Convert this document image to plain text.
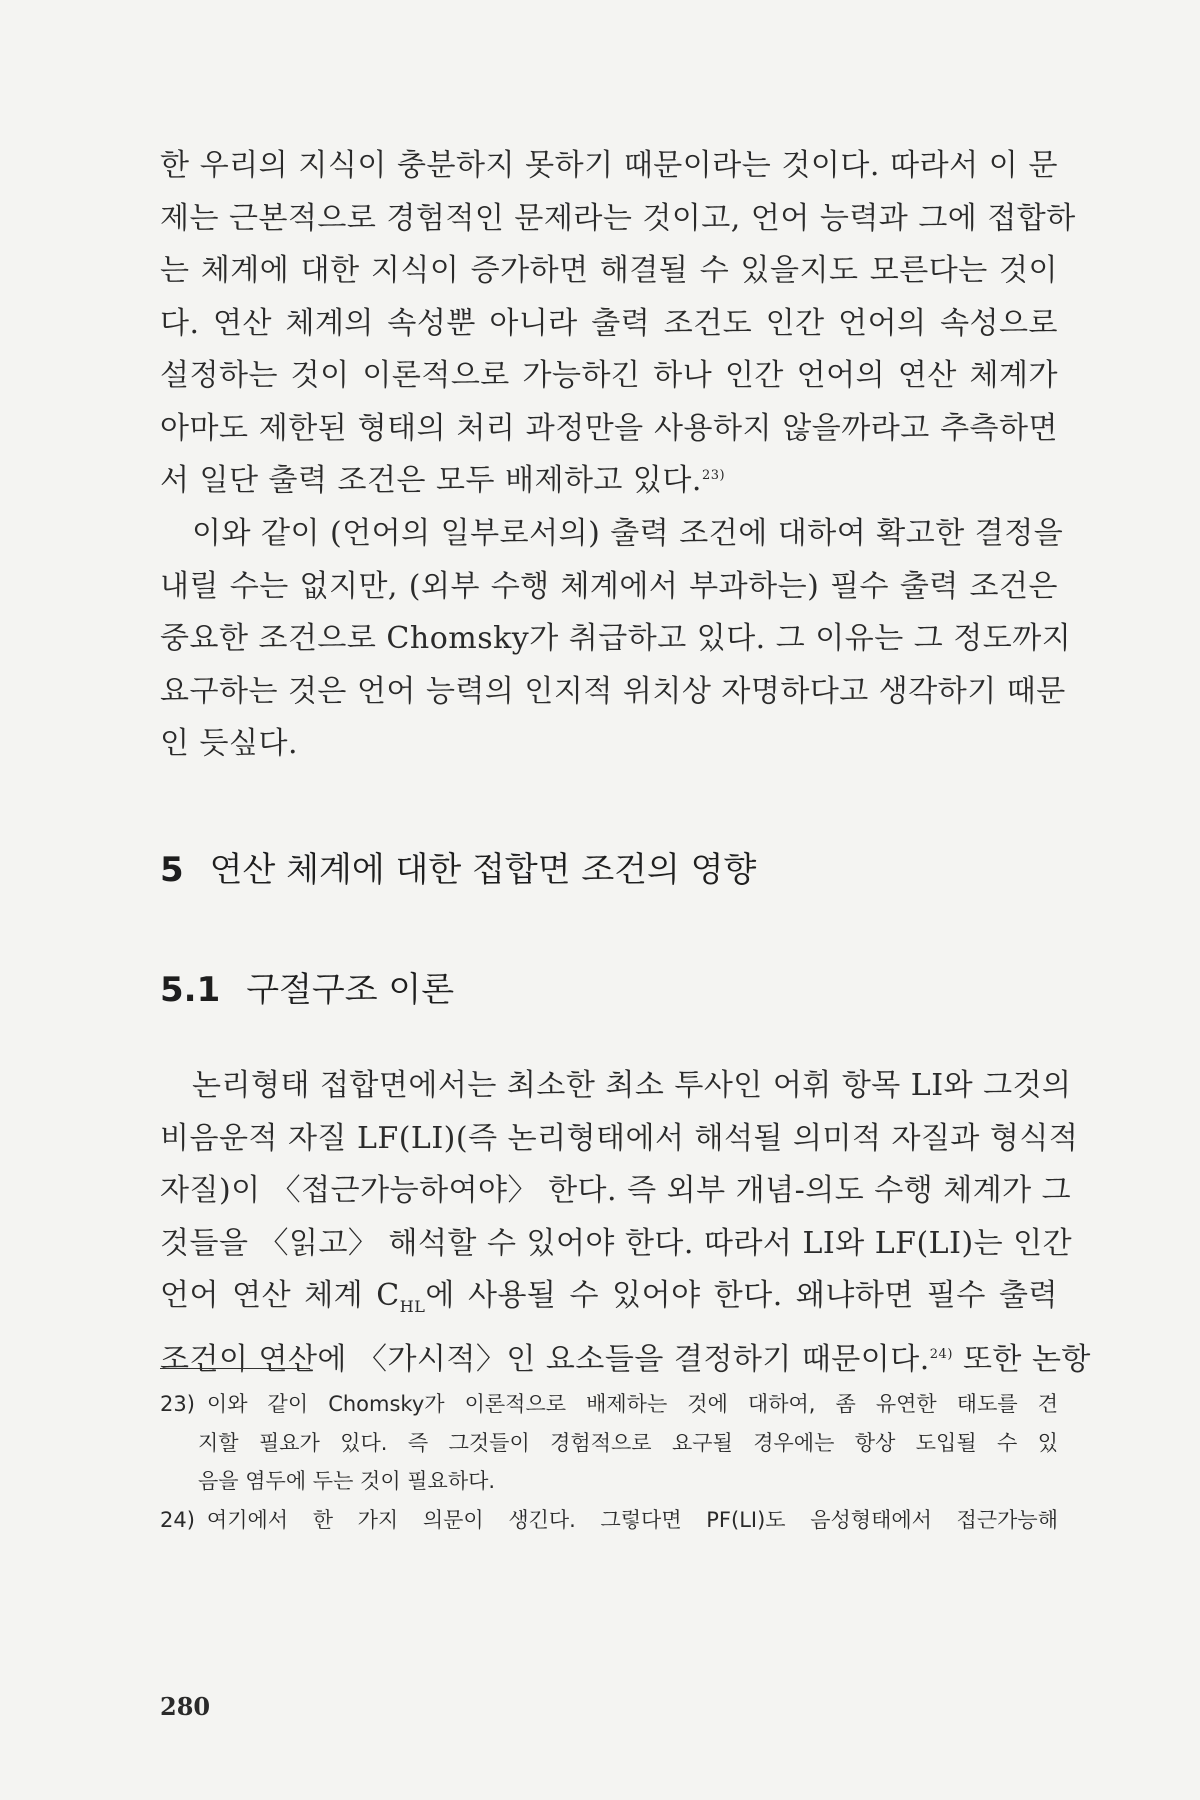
한 우리의 지식이 충분하지 못하기 때문이라는 것이다. 따라서 이 문
제는 근본적으로 경험적인 문제라는 것이고, 언어 능력과 그에 접합하
는 체계에 대한 지식이 증가하면 해결될 수 있을지도 모른다는 것이
다. 연산 체계의 속성뿐 아니라 출력 조건도 인간 언어의 속성으로
설정하는 것이 이론적으로 가능하긴 하나 인간 언어의 연산 체계가
아마도 제한된 형태의 처리 과정만을 사용하지 않을까라고 추측하면
서 일단 출력 조건은 모두 배제하고 있다.$^{23)}$
이와 같이 (언어의 일부로서의) 출력 조건에 대하여 확고한 결정을
내릴 수는 없지만, (외부 수행 체계에서 부과하는) 필수 출력 조건은
중요한 조건으로 Chomsky가 취급하고 있다. 그 이유는 그 정도까지
요구하는 것은 언어 능력의 인지적 위치상 자명하다고 생각하기 때문
인 듯싶다.
5 연산 체계에 대한 접합면 조건의 영향
5.1 구절구조 이론
논리형태 접합면에서는 최소한 최소 투사인 어휘 항목 LI와 그것의
비음운적 자질 LF(LI)(즉 논리형태에서 해석될 의미적 자질과 형식적
자질)이 〈접근가능하여야〉 한다. 즉 외부 개념-의도 수행 체계가 그
것들을 〈읽고〉 해석할 수 있어야 한다. 따라서 LI와 LF(LI)는 인간
언어 연산 체계 $C_{HL}$에 사용될 수 있어야 한다. 왜냐하면 필수 출력
조건이 연산에 〈가시적〉인 요소들을 결정하기 때문이다.$^{24)}$ 또한 논항
23) 이와 같이 Chomsky가 이론적으로 배제하는 것에 대하여, 좀 유연한 태도를 견
지할 필요가 있다. 즉 그것들이 경험적으로 요구될 경우에는 항상 도입될 수 있
음을 염두에 두는 것이 필요하다.
24) 여기에서 한 가지 의문이 생긴다. 그렇다면 PF(LI)도 음성형태에서 접근가능해
280
